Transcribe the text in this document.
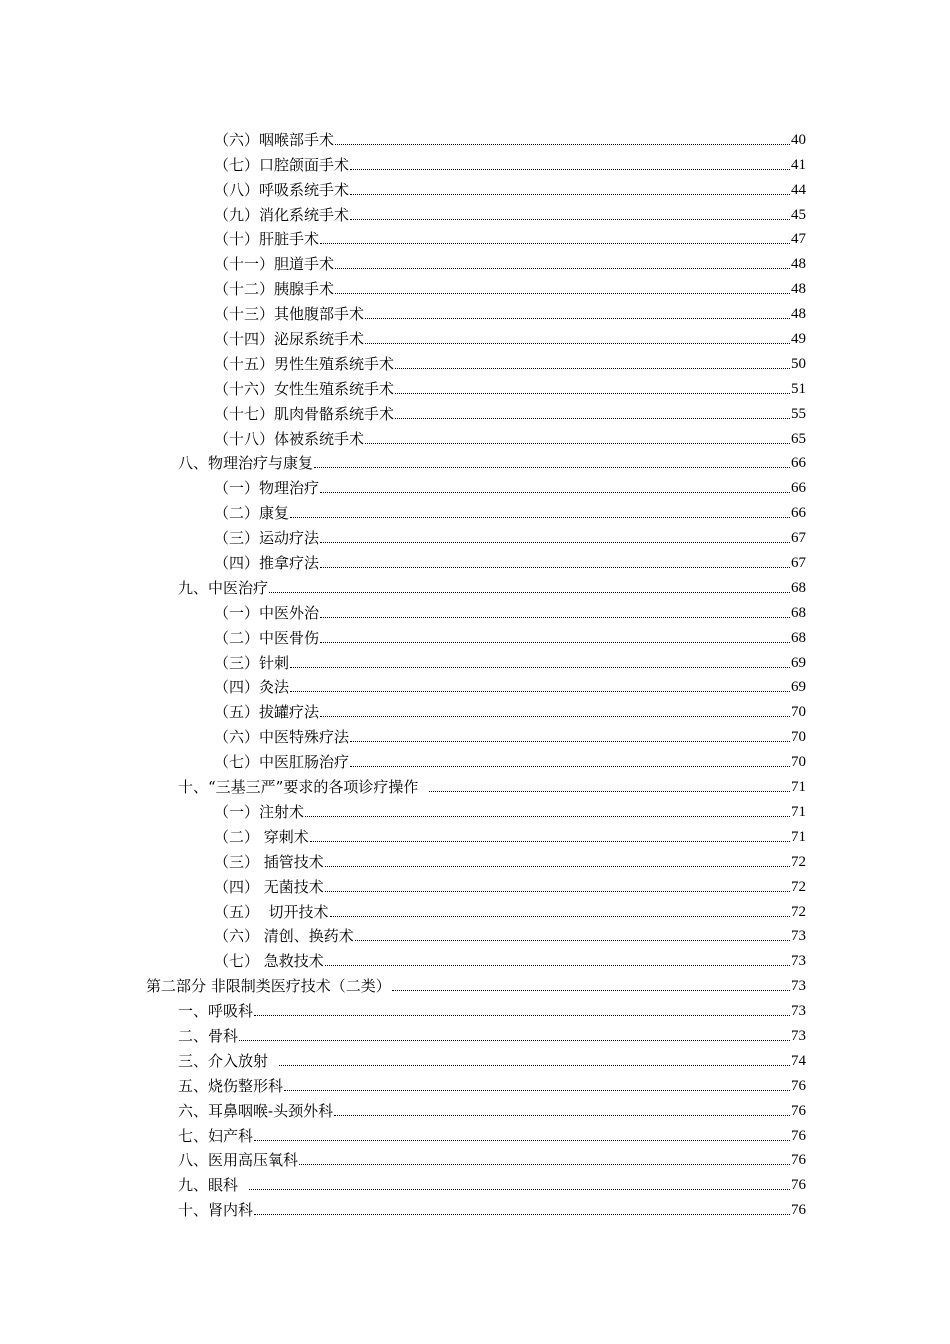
（六）咽喉部手术	40
（七）口腔颌面手术	41
（八）呼吸系统手术	44
（九）消化系统手术	45
（十）肝脏手术	47
（十一）胆道手术	48
（十二）胰腺手术	48
（十三）其他腹部手术	48
（十四）泌尿系统手术	49
（十五）男性生殖系统手术	50
（十六）女性生殖系统手术	51
（十七）肌肉骨骼系统手术	55
（十八）体被系统手术	65
八、物理治疗与康复	66
（一）物理治疗	66
（二）康复	66
（三）运动疗法	67
（四）推拿疗法	67
九、中医治疗	68
（一）中医外治	68
（二）中医骨伤	68
（三）针刺	69
（四）灸法	69
（五）拔罐疗法	70
（六）中医特殊疗法	70
（七）中医肛肠治疗	70
十、“三基三严”要求的各项诊疗操作	71
（一）注射术	71
（二） 穿刺术	71
（三） 插管技术	72
（四） 无菌技术	72
（五）  切开技术	72
（六） 清创、换药术	73
（七） 急救技术	73
第二部分 非限制类医疗技术（二类）	73
一、呼吸科	73
二、骨科	73
三、介入放射	74
五、烧伤整形科	76
六、耳鼻咽喉-头颈外科	76
七、妇产科	76
八、医用高压氧科	76
九、眼科	76
十、肾内科	76
